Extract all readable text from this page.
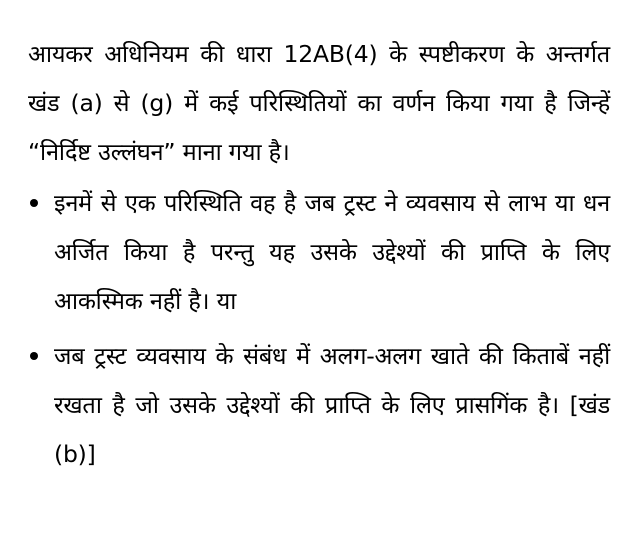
आयकर अधिनियम की धारा 12AB(4) के स्पष्टीकरण के अन्तर्गत खंड (a) से (g) में कई परिस्थितियों का वर्णन किया गया है जिन्हें “निर्दिष्ट उल्लंघन” माना गया है।

इनमें से एक परिस्थिति वह है जब ट्रस्ट ने व्यवसाय से लाभ या धन अर्जित किया है परन्तु यह उसके उद्देश्यों की प्राप्ति के लिए आकस्मिक नहीं है। या
जब ट्रस्ट व्यवसाय के संबंध में अलग-अलग खाते की किताबें नहीं रखता है जो उसके उद्देश्यों की प्राप्ति के लिए प्रासगिंक है। [खंड (b)]
